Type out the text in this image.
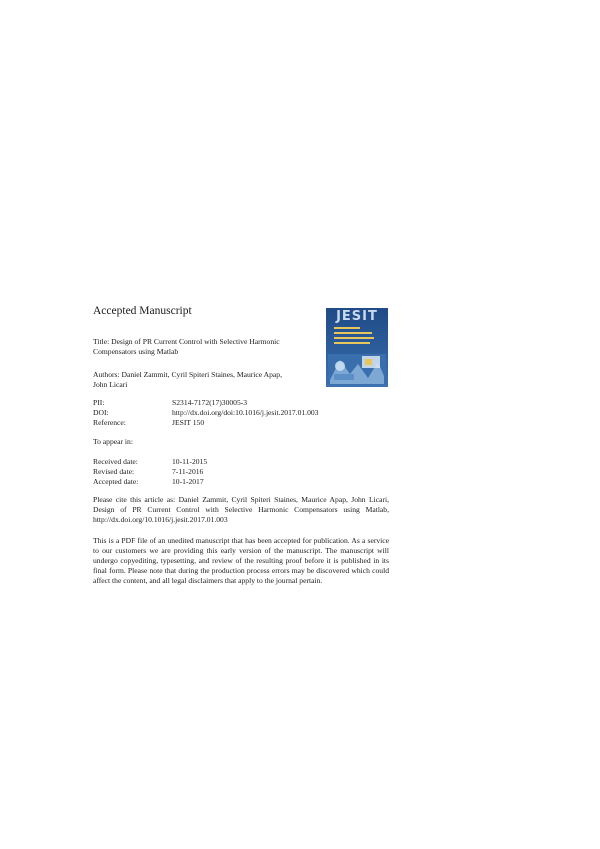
Accepted Manuscript	JESIT
Title: Design of PR Current Control with Selective Harmonic
Compensators using Matlab
Authors: Daniel Zammit, Cyril Spiteri Staines, Maurice Apap,
John Licari
PII:	S2314-7172(17)30005-3
DOI:	http://dx.doi.org/doi:10.1016/j.jesit.2017.01.003
Reference:	JESIT 150
To appear in:
Received date:	10-11-2015
Revised date:	7-11-2016
Accepted date:	10-1-2017
Please cite this article as: Daniel Zammit, Cyril Spiteri Staines, Maurice Apap, John Licari, Design of PR Current Control with Selective Harmonic Compensators using Matlab, http://dx.doi.org/10.1016/j.jesit.2017.01.003
This is a PDF file of an unedited manuscript that has been accepted for publication. As a service to our customers we are providing this early version of the manuscript. The manuscript will undergo copyediting, typesetting, and review of the resulting proof before it is published in its final form. Please note that during the production process errors may be discovered which could affect the content, and all legal disclaimers that apply to the journal pertain.
